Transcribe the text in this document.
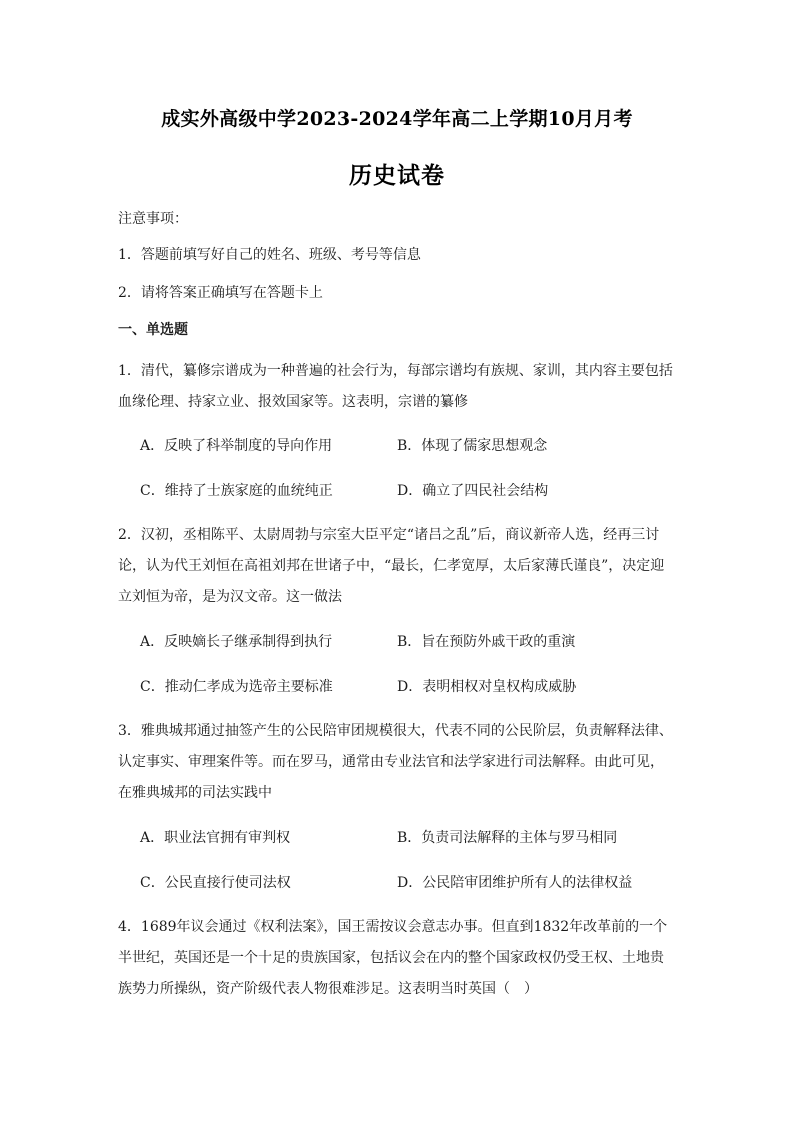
成实外高级中学2023-2024学年高二上学期10月月考
历史试卷
注意事项：
1．答题前填写好自己的姓名、班级、考号等信息
2．请将答案正确填写在答题卡上
一、单选题
1．清代，纂修宗谱成为一种普遍的社会行为，每部宗谱均有族规、家训，其内容主要包括
血缘伦理、持家立业、报效国家等。这表明，宗谱的纂修
A．反映了科举制度的导向作用	B．体现了儒家思想观念
C．维持了士族家庭的血统纯正	D．确立了四民社会结构
2．汉初，丞相陈平、太尉周勃与宗室大臣平定“诸吕之乱”后，商议新帝人选，经再三讨
论，认为代王刘恒在高祖刘邦在世诸子中，“最长，仁孝宽厚，太后家薄氏谨良”，决定迎
立刘恒为帝，是为汉文帝。这一做法
A．反映嫡长子继承制得到执行	B．旨在预防外戚干政的重演
C．推动仁孝成为选帝主要标准	D．表明相权对皇权构成威胁
3．雅典城邦通过抽签产生的公民陪审团规模很大，代表不同的公民阶层，负责解释法律、
认定事实、审理案件等。而在罗马，通常由专业法官和法学家进行司法解释。由此可见，
在雅典城邦的司法实践中
A．职业法官拥有审判权	B．负责司法解释的主体与罗马相同
C．公民直接行使司法权	D．公民陪审团维护所有人的法律权益
4．1689年议会通过《权利法案》，国王需按议会意志办事。但直到1832年改革前的一个
半世纪，英国还是一个十足的贵族国家，包括议会在内的整个国家政权仍受王权、土地贵
族势力所操纵，资产阶级代表人物很难涉足。这表明当时英国（　）
